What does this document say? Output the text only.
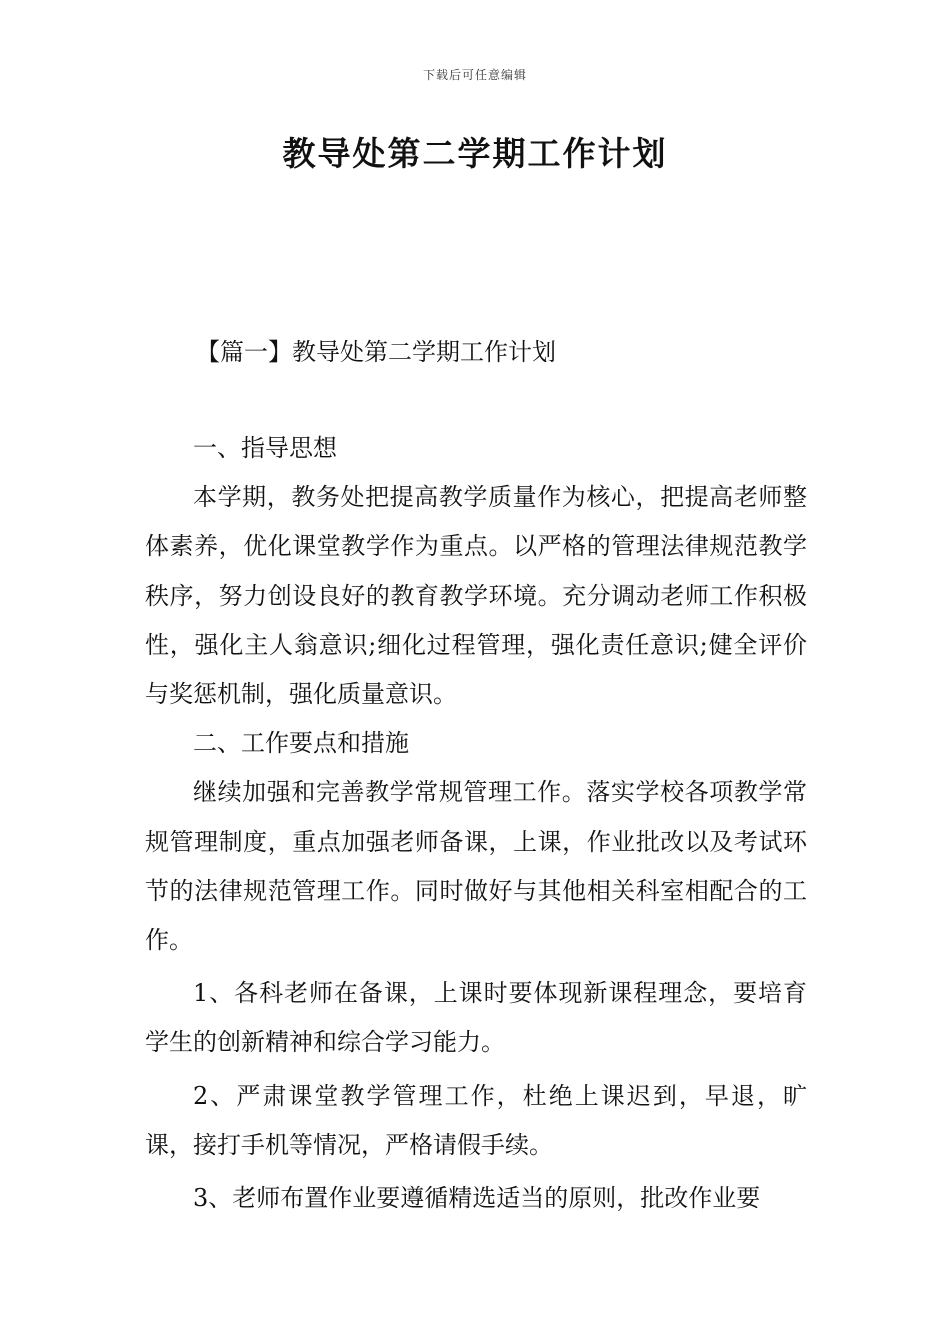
下载后可任意编辑
教导处第二学期工作计划
【篇一】教导处第二学期工作计划

一、指导思想

本学期，教务处把提高教学质量作为核心，把提高老师整体素养，优化课堂教学作为重点。以严格的管理法律规范教学秩序，努力创设良好的教育教学环境。充分调动老师工作积极性，强化主人翁意识;细化过程管理，强化责任意识;健全评价与奖惩机制，强化质量意识。

二、工作要点和措施

继续加强和完善教学常规管理工作。落实学校各项教学常规管理制度，重点加强老师备课，上课，作业批改以及考试环节的法律规范管理工作。同时做好与其他相关科室相配合的工作。

1、各科老师在备课，上课时要体现新课程理念，要培育学生的创新精神和综合学习能力。

2、严肃课堂教学管理工作，杜绝上课迟到，早退，旷课，接打手机等情况，严格请假手续。

3、老师布置作业要遵循精选适当的原则，批改作业要
